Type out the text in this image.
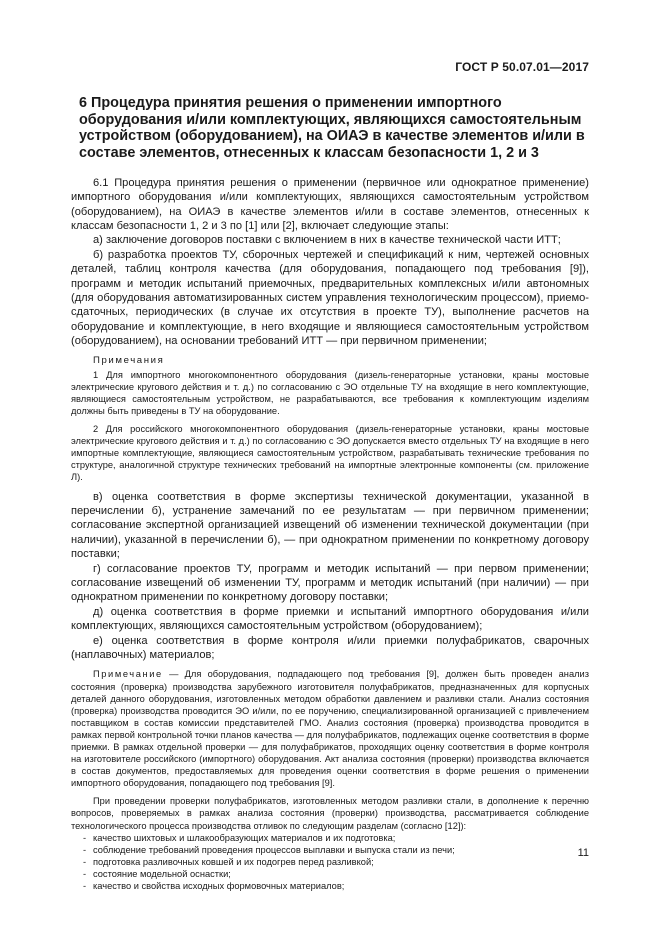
ГОСТ Р 50.07.01—2017
6 Процедура принятия решения о применении импортного оборудования и/или комплектующих, являющихся самостоятельным устройством (оборудованием), на ОИАЭ в качестве элементов и/или в составе элементов, отнесенных к классам безопасности 1, 2 и 3

6.1 Процедура принятия решения о применении (первичное или однократное применение) импортного оборудования и/или комплектующих, являющихся самостоятельным устройством (оборудованием), на ОИАЭ в качестве элементов и/или в составе элементов, отнесенных к классам безопасности 1, 2 и 3 по [1] или [2], включает следующие этапы:

а) заключение договоров поставки с включением в них в качестве технической части ИТТ;

б) разработка проектов ТУ, сборочных чертежей и спецификаций к ним, чертежей основных деталей, таблиц контроля качества (для оборудования, попадающего под требования [9]), программ и методик испытаний приемочных, предварительных комплексных и/или автономных (для оборудования автоматизированных систем управления технологическим процессом), приемо-сдаточных, периодических (в случае их отсутствия в проекте ТУ), выполнение расчетов на оборудование и комплектующие, в него входящие и являющиеся самостоятельным устройством (оборудованием), на основании требований ИТТ — при первичном применении;

Примечания

1 Для импортного многокомпонентного оборудования (дизель-генераторные установки, краны мостовые электрические кругового действия и т. д.) по согласованию с ЭО отдельные ТУ на входящие в него комплектующие, являющиеся самостоятельным устройством, не разрабатываются, все требования к комплектующим изделиям должны быть приведены в ТУ на оборудование.

2 Для российского многокомпонентного оборудования (дизель-генераторные установки, краны мостовые электрические кругового действия и т. д.) по согласованию с ЭО допускается вместо отдельных ТУ на входящие в него импортные комплектующие, являющиеся самостоятельным устройством, разрабатывать технические требования по структуре, аналогичной структуре технических требований на импортные электронные компоненты (см. приложение Л).

в) оценка соответствия в форме экспертизы технической документации, указанной в перечислении б), устранение замечаний по ее результатам — при первичном применении; согласование экспертной организацией извещений об изменении технической документации (при наличии), указанной в перечислении б), — при однократном применении по конкретному договору поставки;

г) согласование проектов ТУ, программ и методик испытаний — при первом применении; согласование извещений об изменении ТУ, программ и методик испытаний (при наличии) — при однократном применении по конкретному договору поставки;

д) оценка соответствия в форме приемки и испытаний импортного оборудования и/или комплектующих, являющихся самостоятельным устройством (оборудованием);

е) оценка соответствия в форме контроля и/или приемки полуфабрикатов, сварочных (наплавочных) материалов;

Примечание — Для оборудования, подпадающего под требования [9], должен быть проведен анализ состояния (проверка) производства зарубежного изготовителя полуфабрикатов, предназначенных для корпусных деталей данного оборудования, изготовленных методом обработки давлением и разливки стали. Анализ состояния (проверка) производства проводится ЭО и/или, по ее поручению, специализированной организацией с привлечением поставщиком в состав комиссии представителей ГМО. Анализ состояния (проверка) производства проводится в рамках первой контрольной точки планов качества — для полуфабрикатов, подлежащих оценке соответствия в форме приемки. В рамках отдельной проверки — для полуфабрикатов, проходящих оценку соответствия в форме контроля на изготовителе российского (импортного) оборудования. Акт анализа состояния (проверки) производства включается в состав документов, предоставляемых для проведения оценки соответствия в форме решения о применении импортного оборудования, попадающего под требования [9].

При проведении проверки полуфабрикатов, изготовленных методом разливки стали, в дополнение к перечню вопросов, проверяемых в рамках анализа состояния (проверки) производства, рассматривается соблюдение технологического процесса производства отливок по следующим разделам (согласно [12]):

- качество шихтовых и шлакообразующих материалов и их подготовка;
- соблюдение требований проведения процессов выплавки и выпуска стали из печи;
- подготовка разливочных ковшей и их подогрев перед разливкой;
- состояние модельной оснастки;
- качество и свойства исходных формовочных материалов;
11
